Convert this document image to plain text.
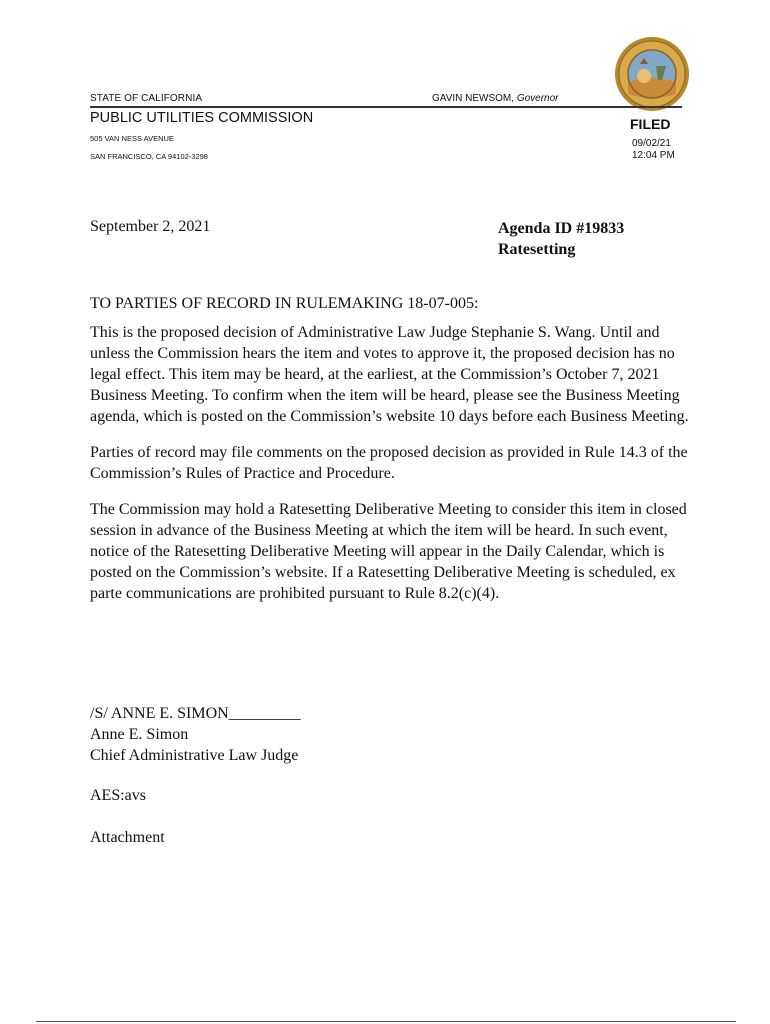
STATE OF CALIFORNIA	GAVIN NEWSOM, Governor
PUBLIC UTILITIES COMMISSION
505 VAN NESS AVENUE
SAN FRANCISCO, CA 94102-3298
FILED
09/02/21
12:04 PM
September 2, 2021	Agenda ID #19833
Ratesetting
TO PARTIES OF RECORD IN RULEMAKING 18-07-005:

This is the proposed decision of Administrative Law Judge Stephanie S. Wang. Until and unless the Commission hears the item and votes to approve it, the proposed decision has no legal effect. This item may be heard, at the earliest, at the Commission’s October 7, 2021 Business Meeting. To confirm when the item will be heard, please see the Business Meeting agenda, which is posted on the Commission’s website 10 days before each Business Meeting.

Parties of record may file comments on the proposed decision as provided in Rule 14.3 of the Commission’s Rules of Practice and Procedure.

The Commission may hold a Ratesetting Deliberative Meeting to consider this item in closed session in advance of the Business Meeting at which the item will be heard. In such event, notice of the Ratesetting Deliberative Meeting will appear in the Daily Calendar, which is posted on the Commission’s website. If a Ratesetting Deliberative Meeting is scheduled, ex parte communications are prohibited pursuant to Rule 8.2(c)(4).

/S/ ANNE E. SIMON_________
Anne E. Simon
Chief Administrative Law Judge
AES:avs
Attachment
